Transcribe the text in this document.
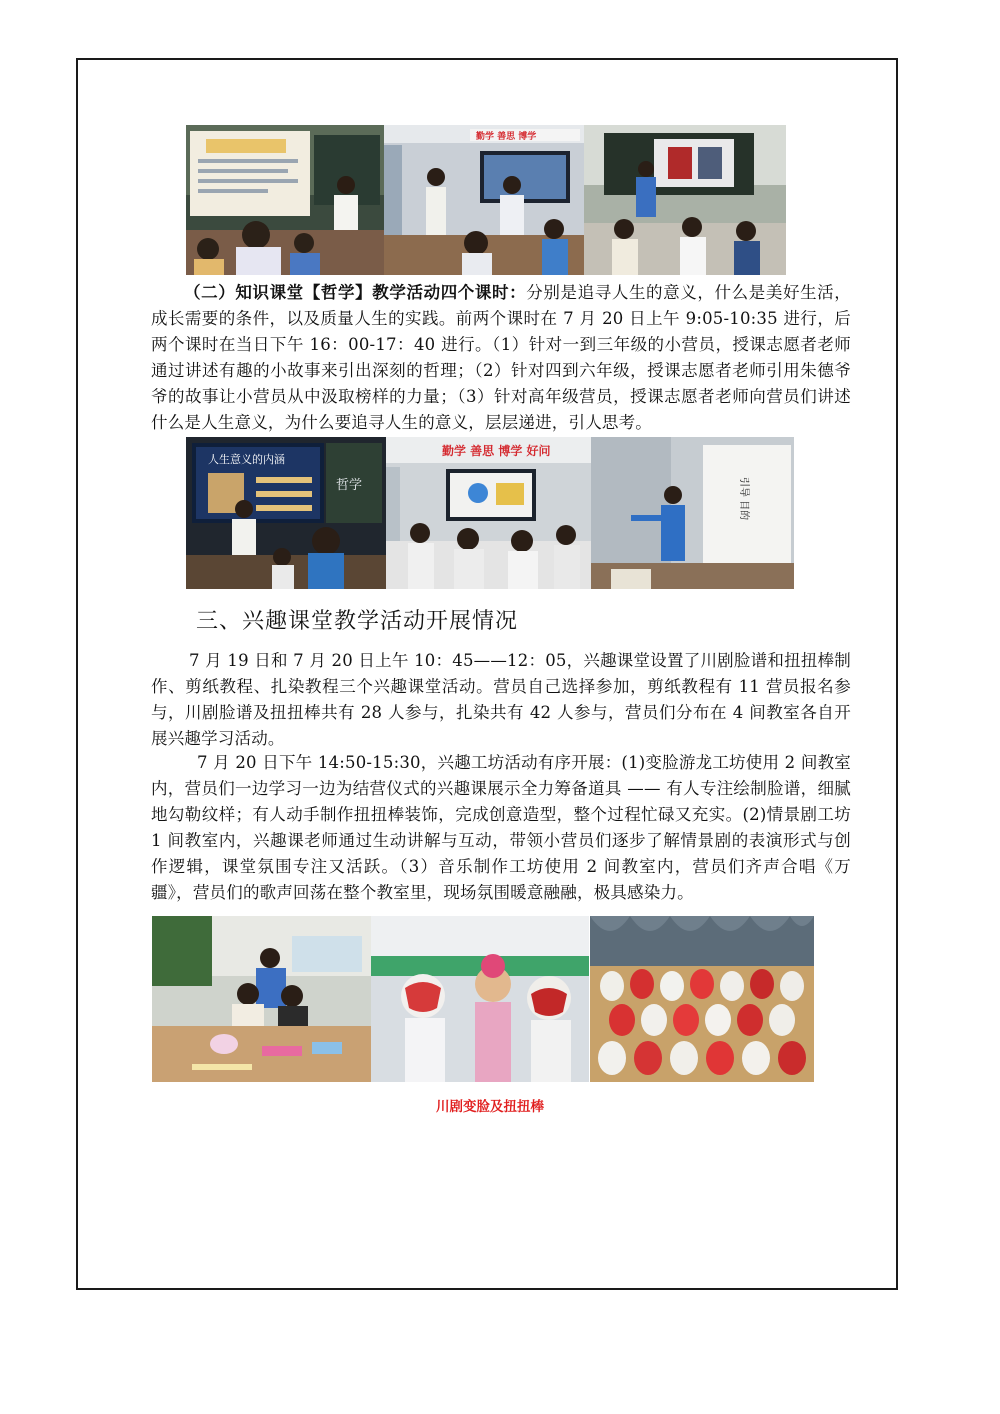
勤学 善思 博学

（二）知识课堂【哲学】教学活动四个课时：分别是追寻人生的意义，什么是美好生活，成长需要的条件，以及质量人生的实践。前两个课时在 7 月 20 日上午 9:05-10:35 进行，后两个课时在当日下午 16：00-17：40 进行。（1）针对一到三年级的小营员，授课志愿者老师通过讲述有趣的小故事来引出深刻的哲理；（2）针对四到六年级，授课志愿者老师引用朱德爷爷的故事让小营员从中汲取榜样的力量；（3）针对高年级营员，授课志愿者老师向营员们讲述什么是人生意义，为什么要追寻人生的意义，层层递进，引人思考。

人生意义的内涵
哲学
勤学 善思 博学 好问
引导 目的
三、兴趣课堂教学活动开展情况

7 月 19 日和 7 月 20 日上午 10：45——12：05，兴趣课堂设置了川剧脸谱和扭扭棒制作、剪纸教程、扎染教程三个兴趣课堂活动。营员自己选择参加，剪纸教程有 11 营员报名参与，川剧脸谱及扭扭棒共有 28 人参与，扎染共有 42 人参与，营员们分布在 4 间教室各自开展兴趣学习活动。

7 月 20 日下午 14:50-15:30，兴趣工坊活动有序开展：(1)变脸游龙工坊使用 2 间教室内，营员们一边学习一边为结营仪式的兴趣课展示全力筹备道具 —— 有人专注绘制脸谱，细腻地勾勒纹样；有人动手制作扭扭棒装饰，完成创意造型，整个过程忙碌又充实。(2)情景剧工坊 1 间教室内，兴趣课老师通过生动讲解与互动，带领小营员们逐步了解情景剧的表演形式与创作逻辑，课堂氛围专注又活跃。（3）音乐制作工坊使用 2 间教室内，营员们齐声合唱《万疆》，营员们的歌声回荡在整个教室里，现场氛围暖意融融，极具感染力。

川剧变脸及扭扭棒
